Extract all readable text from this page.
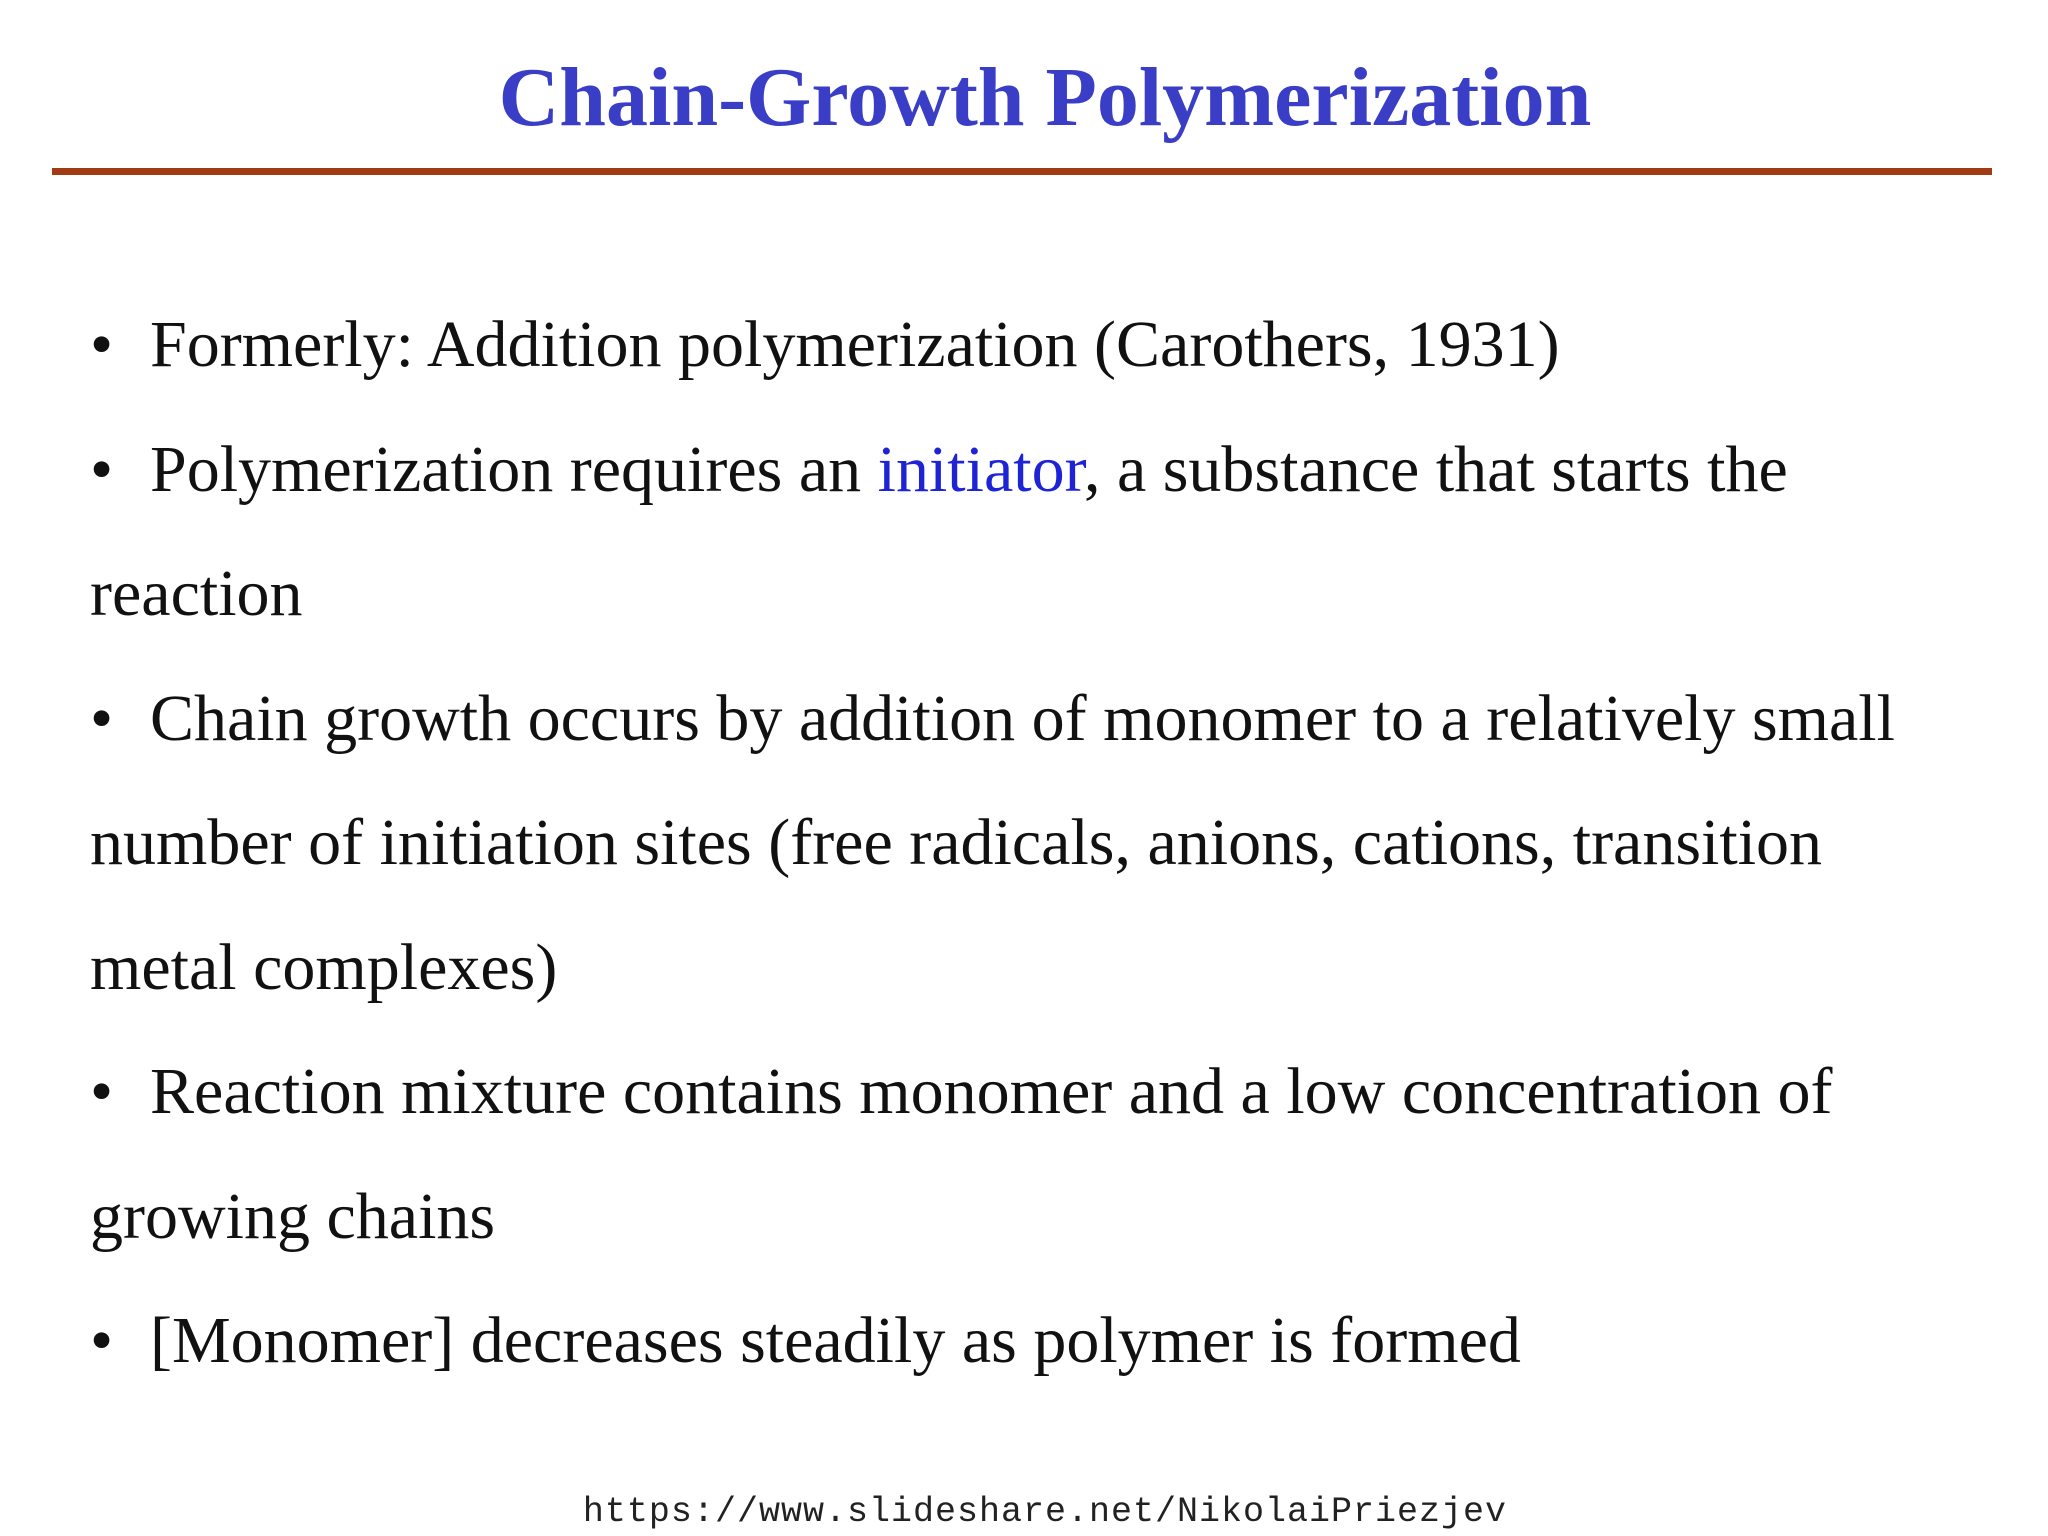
Chain-Growth Polymerization

• Formerly: Addition polymerization (Carothers, 1931)

• Polymerization requires an initiator, a substance that starts the

reaction

• Chain growth occurs by addition of monomer to a relatively small

number of initiation sites (free radicals, anions, cations, transition

metal complexes)

• Reaction mixture contains monomer and a low concentration of

growing chains

• [Monomer] decreases steadily as polymer is formed

https://www.slideshare.net/NikolaiPriezjev
